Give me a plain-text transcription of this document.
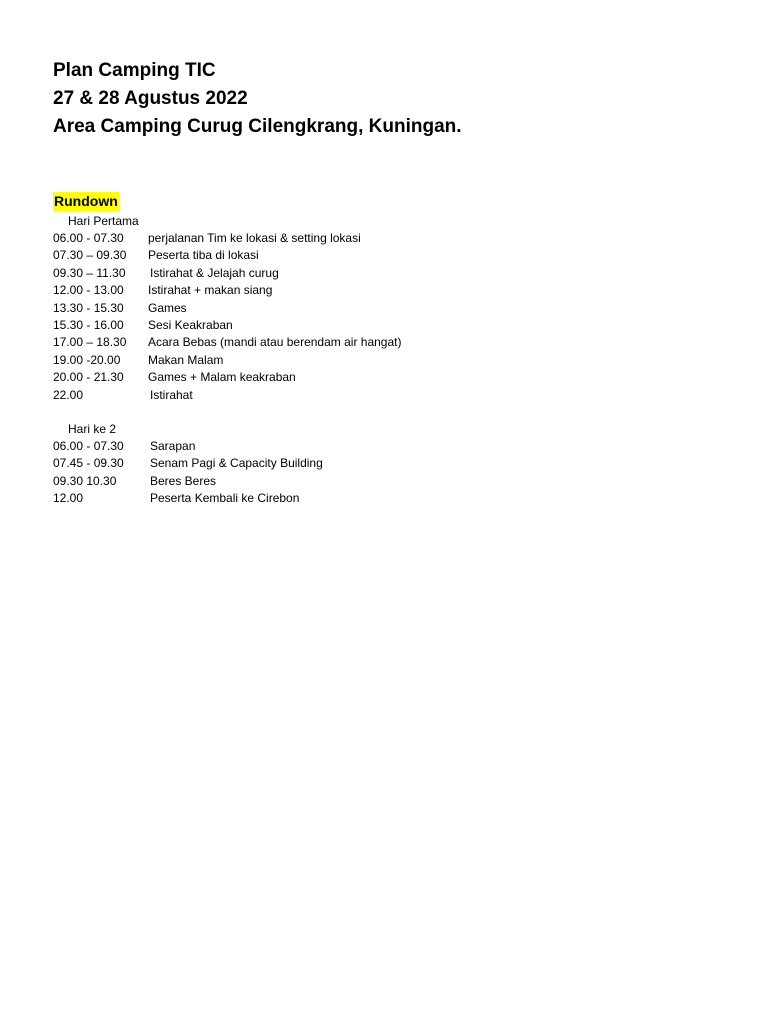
Plan Camping TIC
27 & 28 Agustus 2022
Area Camping Curug Cilengkrang, Kuningan.
Rundown
Hari Pertama
06.00 - 07.30 perjalanan Tim ke lokasi & setting lokasi
07.30 – 09.30 Peserta tiba di lokasi
09.30 – 11.30 Istirahat & Jelajah curug
12.00 - 13.00 Istirahat + makan siang
13.30 - 15.30 Games
15.30 - 16.00 Sesi Keakraban
17.00 – 18.30 Acara Bebas (mandi atau berendam air hangat)
19.00 -20.00 Makan Malam
20.00 - 21.30 Games + Malam keakraban
22.00	Istirahat
Hari ke 2
06.00 - 07.30 Sarapan
07.45 - 09.30 Senam Pagi & Capacity Building
09.30 10.30	Beres Beres
12.00	Peserta Kembali ke Cirebon
